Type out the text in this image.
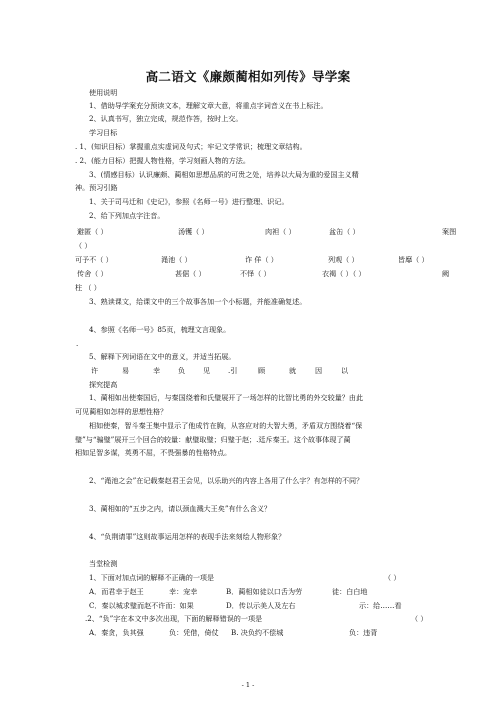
高二语文《廉颇蔺相如列传》导学案
使用说明
1、借助导学案充分预读文本，理解文章大意，将重点字词音义在书上标注。
2、认真书写，独立完成，规范作答，按时上交。
学习目标
. 1、(知识目标）掌握重点实虚词及句式；牢记文学常识；梳理文章结构。
. 2、(能力目标）把握人物性格，学习刻画人物的方法。
3、(情感目标）认识廉颇、蔺相如思想品质的可贵之处，培养以大局为重的爱国主义精
神。预习引路
1、关于司马迁和《史记》，参照《名师一号》进行整理、识记。
2、给下列加点字注音。
避匿（ ）	汤镬（ ）	肉袒（ ）	盆缶（ ）	案图
（ ）
可予不（ ）	渑池（ ）	诈 佯（ ）	列观（ ）	皆靡（ ）
传舍（ ）	甚倨（ ）	不怿（ ）	衣褐（ ）（ ）	阙
柱 （ ）
3、熟读课文，给课文中的三个故事各加一个小标题，并能准确复述。
4、参照《名师一号》85页，梳理文言现象。
.
5、解释下列词语在文中的意义，并适当拓展。
许	易	幸	负	见	.引	顾	就	因	以
探究提高
1、蔺相如出使秦国后，与秦国绕着和氏璧展开了一场怎样的比智比勇的外交较量？由此
可见蔺相如怎样的思想性格？
相如使秦，智斗秦王集中显示了他成竹在胸，从容应对的大智大勇，矛盾双方围绕着“保
璧”与“骗璧”展开三个回合的较量：献璧取璧；归璧于赵；.廷斥秦王。这个故事体现了蔺
相如足智多谋，英勇不屈，不畏强暴的性格特点。
2、“渑池之会”在记载秦赵君王会见，以乐助兴的内容上各用了什么字？有怎样的不同？
3、蔺相如的“五步之内，请以颈血溅大王矣”有什么含义？
4、“负荆请罪”这则故事运用怎样的表现手法来刻绘人物形象？
当堂检测
1、下面对加点词的解释不正确的一项是	（ ）
A．而君幸于赵王	幸：宠幸	B．蔺相如徒以口舌为劳	徒：白白地
C．秦以城求璧而赵不许而：如果	D．传以示美人及左右	示：给……看
.2、“负”字在本文中多次出现，下面的解释错误的一项是	（ ）
A．秦贪，负其强	负：凭借，倚仗 B. 决负约不偿城	负：违背
- 1 -
